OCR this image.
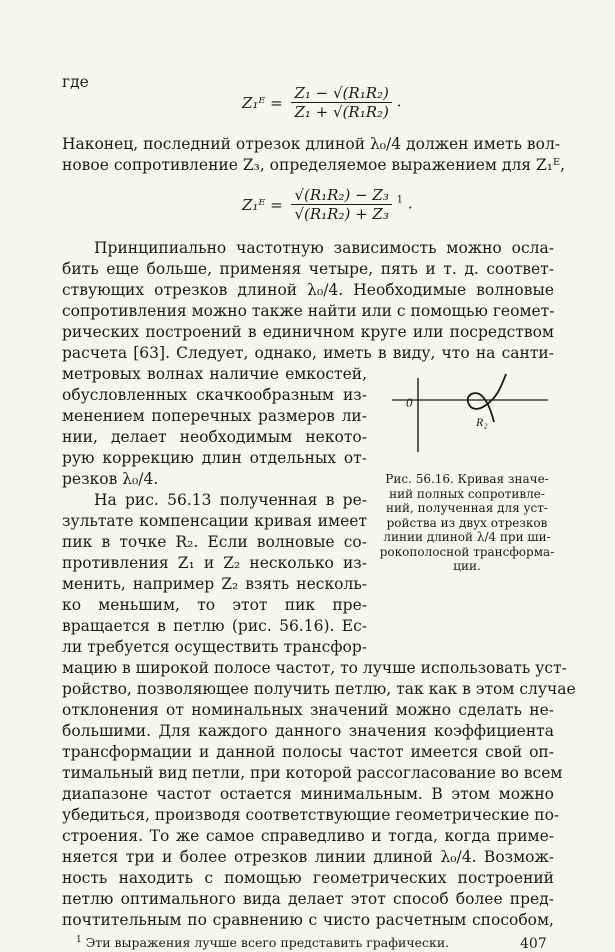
где
Z₁ᴱ = $\frac{\text{Z₁ − √(R₁R₂)}}{\text{Z₁ + √(R₁R₂)}}$ .
Наконец, последний отрезок длиной λ₀/4 должен иметь вол-
новое сопротивление Z₃, определяемое выражением для Z₁ᴱ,
Z₁ᴱ = $\frac{\text{√(R₁R₂) − Z₃}}{\text{√(R₁R₂) + Z₃}} ^1$ .
Принципиально частотную зависимость можно осла-
бить еще больше, применяя четыре, пять и т. д. соответ-
ствующих отрезков длиной λ₀/4. Необходимые волновые
сопротивления можно также найти или с помощью геомет-
рических построений в единичном круге или посредством
расчета [63]. Следует, однако, иметь в виду, что на санти-
метровых волнах наличие емкостей,
обусловленных скачкообразным из-
менением поперечных размеров ли-
нии, делает необходимым некото-
рую коррекцию длин отдельных от-
резков λ₀/4.
На рис. 56.13 полученная в ре-
зультате компенсации кривая имеет
пик в точке R₂. Если волновые со-
противления Z₁ и Z₂ несколько из-
менить, например Z₂ взять несколь-
ко меньшим, то этот пик пре-
вращается в петлю (рис. 56.16). Ес-
ли требуется осуществить трансфор-
мацию в широкой полосе частот, то лучше использовать уст-
ройство, позволяющее получить петлю, так как в этом случае
отклонения от номинальных значений можно сделать не-
большими. Для каждого данного значения коэффициента
трансформации и данной полосы частот имеется свой оп-
тимальный вид петли, при которой рассогласование во всем
диапазоне частот остается минимальным. В этом можно
убедиться, производя соответствующие геометрические по-
строения. То же самое справедливо и тогда, когда приме-
няется три и более отрезков линии длиной λ₀/4. Возмож-
ность находить с помощью геометрических построений
петлю оптимального вида делает этот способ более пред-
почтительным по сравнению с чисто расчетным способом,
0
R₂
Рис. 56.16. Кривая значе-
ний полных сопротивле-
ний, полученная для уст-
ройства из двух отрезков
линии длиной λ/4 при ши-
рокополосной трансформа-
ции.
$^1$ Эти выражения лучше всего представить графически.	407
